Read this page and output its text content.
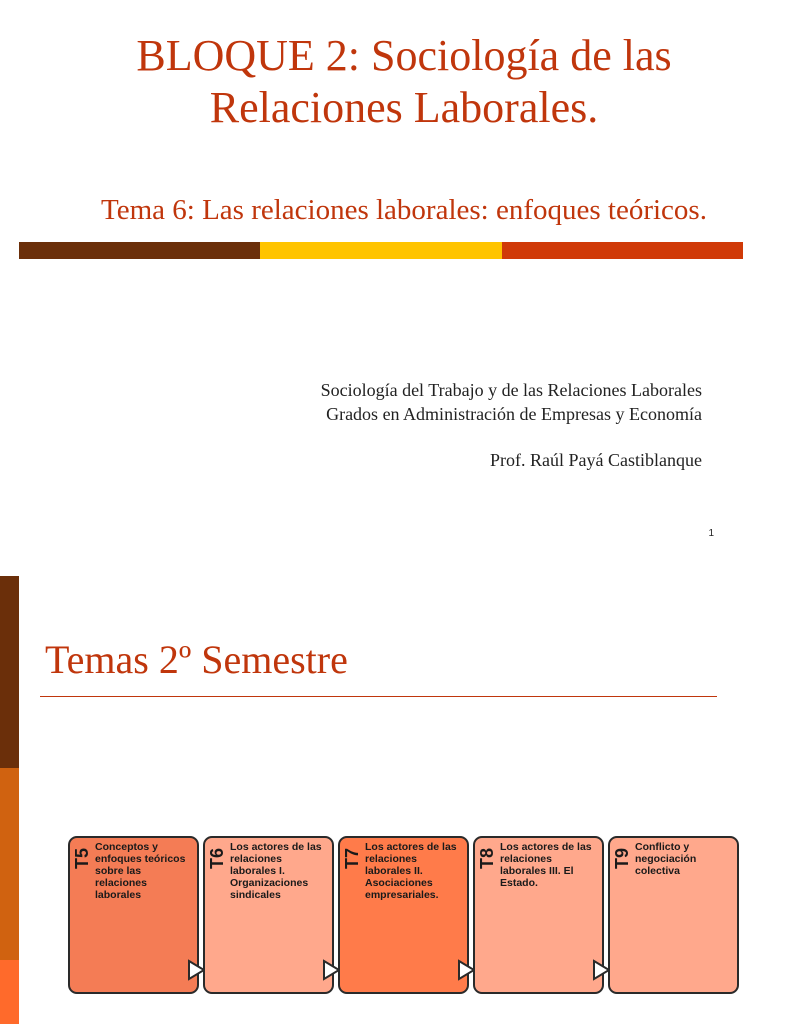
BLOQUE 2: Sociología de las
Relaciones Laborales.
Tema 6: Las relaciones laborales: enfoques teóricos.
Sociología del Trabajo y de las Relaciones Laborales
Grados en Administración de Empresas y Economía
Prof. Raúl Payá Castiblanque
1
Temas 2º Semestre
T5
Conceptos y enfoques teóricos sobre las relaciones laborales
T6
Los actores de las relaciones laborales I. Organizaciones sindicales
T7
Los actores de las relaciones laborales II. Asociaciones empresariales.
T8
Los actores de las relaciones laborales III. El Estado.
T9
Conflicto y negociación colectiva
